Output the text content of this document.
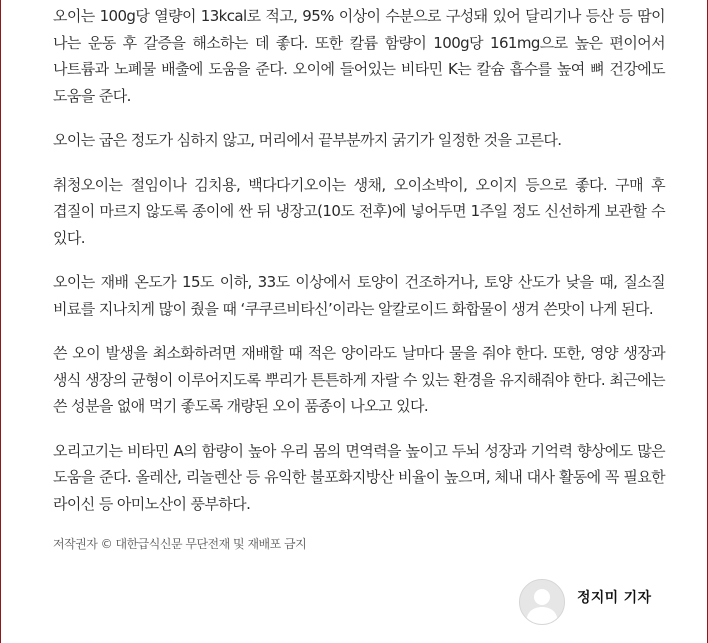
오이는 100g당 열량이 13kcal로 적고, 95% 이상이 수분으로 구성돼 있어 달리기나 등산 등 땀이 나는 운동 후 갈증을 해소하는 데 좋다. 또한 칼륨 함량이 100g당 161mg으로 높은 편이어서 나트륨과 노폐물 배출에 도움을 준다. 오이에 들어있는 비타민 K는 칼슘 흡수를 높여 뼈 건강에도 도움을 준다.

오이는 굽은 정도가 심하지 않고, 머리에서 끝부분까지 굵기가 일정한 것을 고른다.

취청오이는 절임이나 김치용, 백다다기오이는 생채, 오이소박이, 오이지 등으로 좋다. 구매 후 겹질이 마르지 않도록 종이에 싼 뒤 냉장고(10도 전후)에 넣어두면 1주일 정도 신선하게 보관할 수 있다.

오이는 재배 온도가 15도 이하, 33도 이상에서 토양이 건조하거나, 토양 산도가 낮을 때, 질소질 비료를 지나치게 많이 줬을 때 ‘쿠쿠르비타신’이라는 알칼로이드 화합물이 생겨 쓴맛이 나게 된다.

쓴 오이 발생을 최소화하려면 재배할 때 적은 양이라도 날마다 물을 줘야 한다. 또한, 영양 생장과 생식 생장의 균형이 이루어지도록 뿌리가 튼튼하게 자랄 수 있는 환경을 유지해줘야 한다. 최근에는 쓴 성분을 없애 먹기 좋도록 개량된 오이 품종이 나오고 있다.

오리고기는 비타민 A의 함량이 높아 우리 몸의 면역력을 높이고 두뇌 성장과 기억력 향상에도 많은 도움을 준다. 올레산, 리놀렌산 등 유익한 불포화지방산 비율이 높으며, 체내 대사 활동에 꼭 필요한 라이신 등 아미노산이 풍부하다.

저작권자 © 대한급식신문 무단전재 및 재배포 금지

정지미 기자
